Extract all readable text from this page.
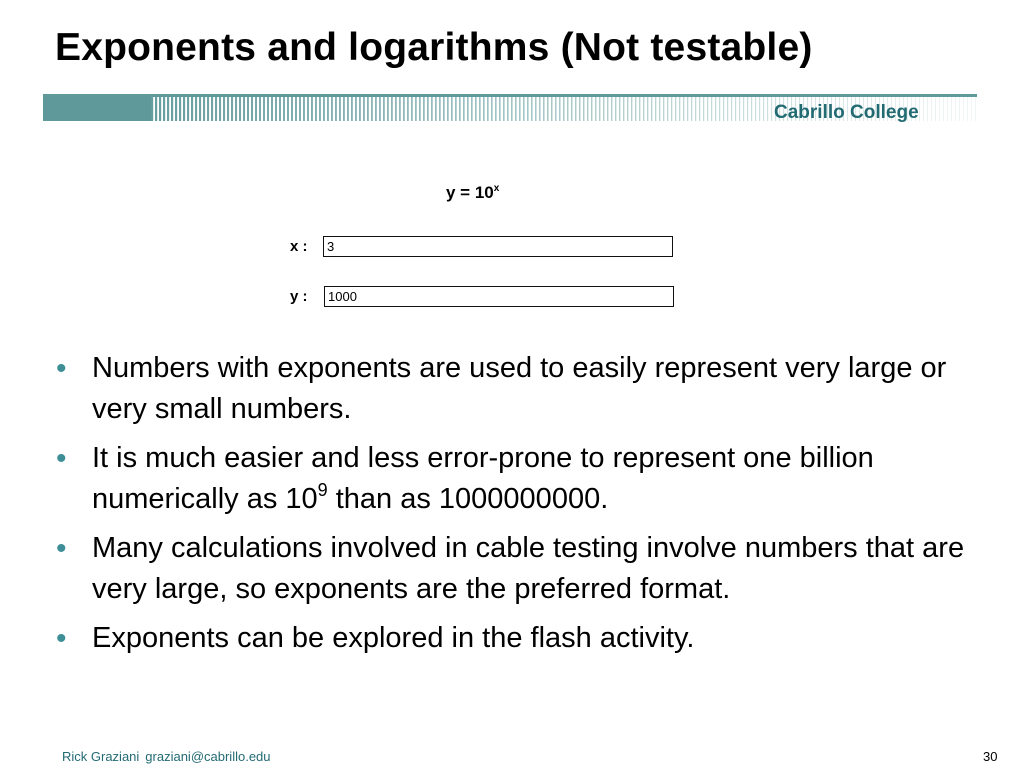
Exponents and logarithms (Not testable)
Cabrillo College
$y = 10^x$
x :
3
y :
1000
• Numbers with exponents are used to easily represent very large or very small numbers.
• It is much easier and less error-prone to represent one billion numerically as $10^9$ than as 1000000000.
• Many calculations involved in cable testing involve numbers that are very large, so exponents are the preferred format.
• Exponents can be explored in the flash activity.
Rick Graziani graziani@cabrillo.edu	30
